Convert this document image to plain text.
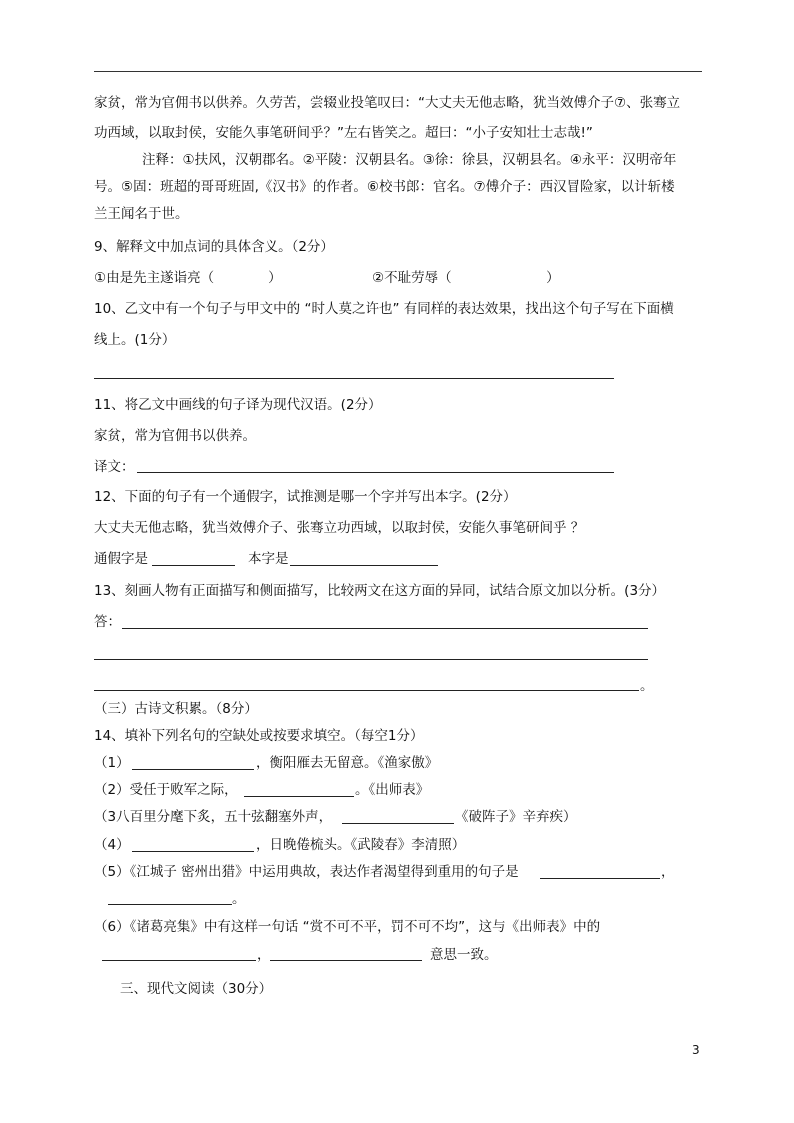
家贫，常为官佣书以供养。久劳苦，尝辍业投笔叹曰：“大丈夫无他志略，犹当效傅介子⑦、张骞立
功西域，以取封侯，安能久事笔研间乎？”左右皆笑之。超曰：“小子安知壮士志哉!”
注释：①扶风，汉朝郡名。②平陵：汉朝县名。③徐：徐县，汉朝县名。④永平：汉明帝年
号。⑤固：班超的哥哥班固,《汉书》的作者。⑥校书郎：官名。⑦傅介子：西汉冒险家，以计斩楼
兰王闻名于世。
9、解释文中加点词的具体含义。（2分）
①由是先主遂诣亮（　　　　）	②不耻劳辱（　　　　　　　）
10、乙文中有一个句子与甲文中的 “时人莫之许也” 有同样的表达效果，找出这个句子写在下面横
线上。(1分）
11、将乙文中画线的句子译为现代汉语。(2分）
家贫，常为官佣书以供养。
译文：
12、下面的句子有一个通假字，试推测是哪一个字并写出本字。(2分）
大丈夫无他志略，犹当效傅介子、张骞立功西域，以取封侯，安能久事笔研间乎 ？
通假字是	本字是
13、刻画人物有正面描写和侧面描写，比较两文在这方面的异同，试结合原文加以分析。(3分）
答：
。
（三）古诗文积累。（8分）
14、填补下列名句的空缺处或按要求填空。（每空1分）
（1）	，衡阳雁去无留意。《渔家傲》
（2）受任于败军之际，	。《出师表》
（3八百里分麾下炙，五十弦翻塞外声，	《破阵子》辛弃疾）
（4）	，日晚倦梳头。《武陵春》李清照）
（5）《江城子 密州出猎》中运用典故，表达作者渴望得到重用的句子是	，
。
（6）《诸葛亮集》中有这样一句话 “赏不可不平，罚不可不均”，这与《出师表》中的
，	意思一致。
三、现代文阅读（30分）
3
